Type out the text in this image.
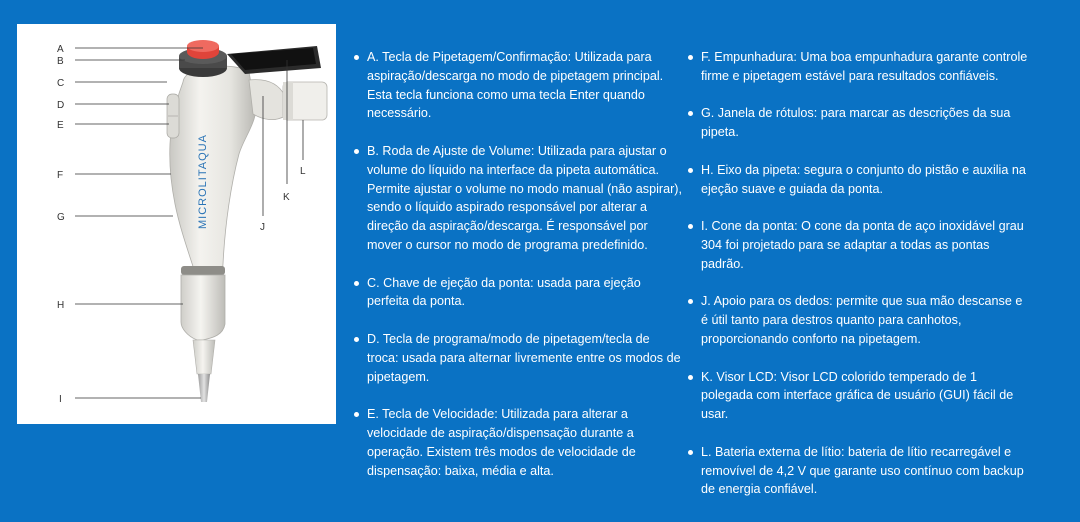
MICROLITAQUA
A
B
C
D
E
F
G
H
I
J
K
L
A. Tecla de Pipetagem/Confirmação: Utilizada para aspiração/descarga no modo de pipetagem principal. Esta tecla funciona como uma tecla Enter quando necessário.
B. Roda de Ajuste de Volume: Utilizada para ajustar o volume do líquido na interface da pipeta automática. Permite ajustar o volume no modo manual (não aspirar), sendo o líquido aspirado responsável por alterar a direção da aspiração/descarga. É responsável por mover o cursor no modo de programa predefinido.
C. Chave de ejeção da ponta: usada para ejeção perfeita da ponta.
D. Tecla de programa/modo de pipetagem/tecla de troca: usada para alternar livremente entre os modos de pipetagem.
E. Tecla de Velocidade: Utilizada para alterar a velocidade de aspiração/dispensação durante a operação. Existem três modos de velocidade de dispensação: baixa, média e alta.
F. Empunhadura: Uma boa empunhadura garante controle firme e pipetagem estável para resultados confiáveis.
G. Janela de rótulos: para marcar as descrições da sua pipeta.
H. Eixo da pipeta: segura o conjunto do pistão e auxilia na ejeção suave e guiada da ponta.
I. Cone da ponta: O cone da ponta de aço inoxidável grau 304 foi projetado para se adaptar a todas as pontas padrão.
J. Apoio para os dedos: permite que sua mão descanse e é útil tanto para destros quanto para canhotos, proporcionando conforto na pipetagem.
K. Visor LCD: Visor LCD colorido temperado de 1 polegada com interface gráfica de usuário (GUI) fácil de usar.
L. Bateria externa de lítio: bateria de lítio recarregável e removível de 4,2 V que garante uso contínuo com backup de energia confiável.
